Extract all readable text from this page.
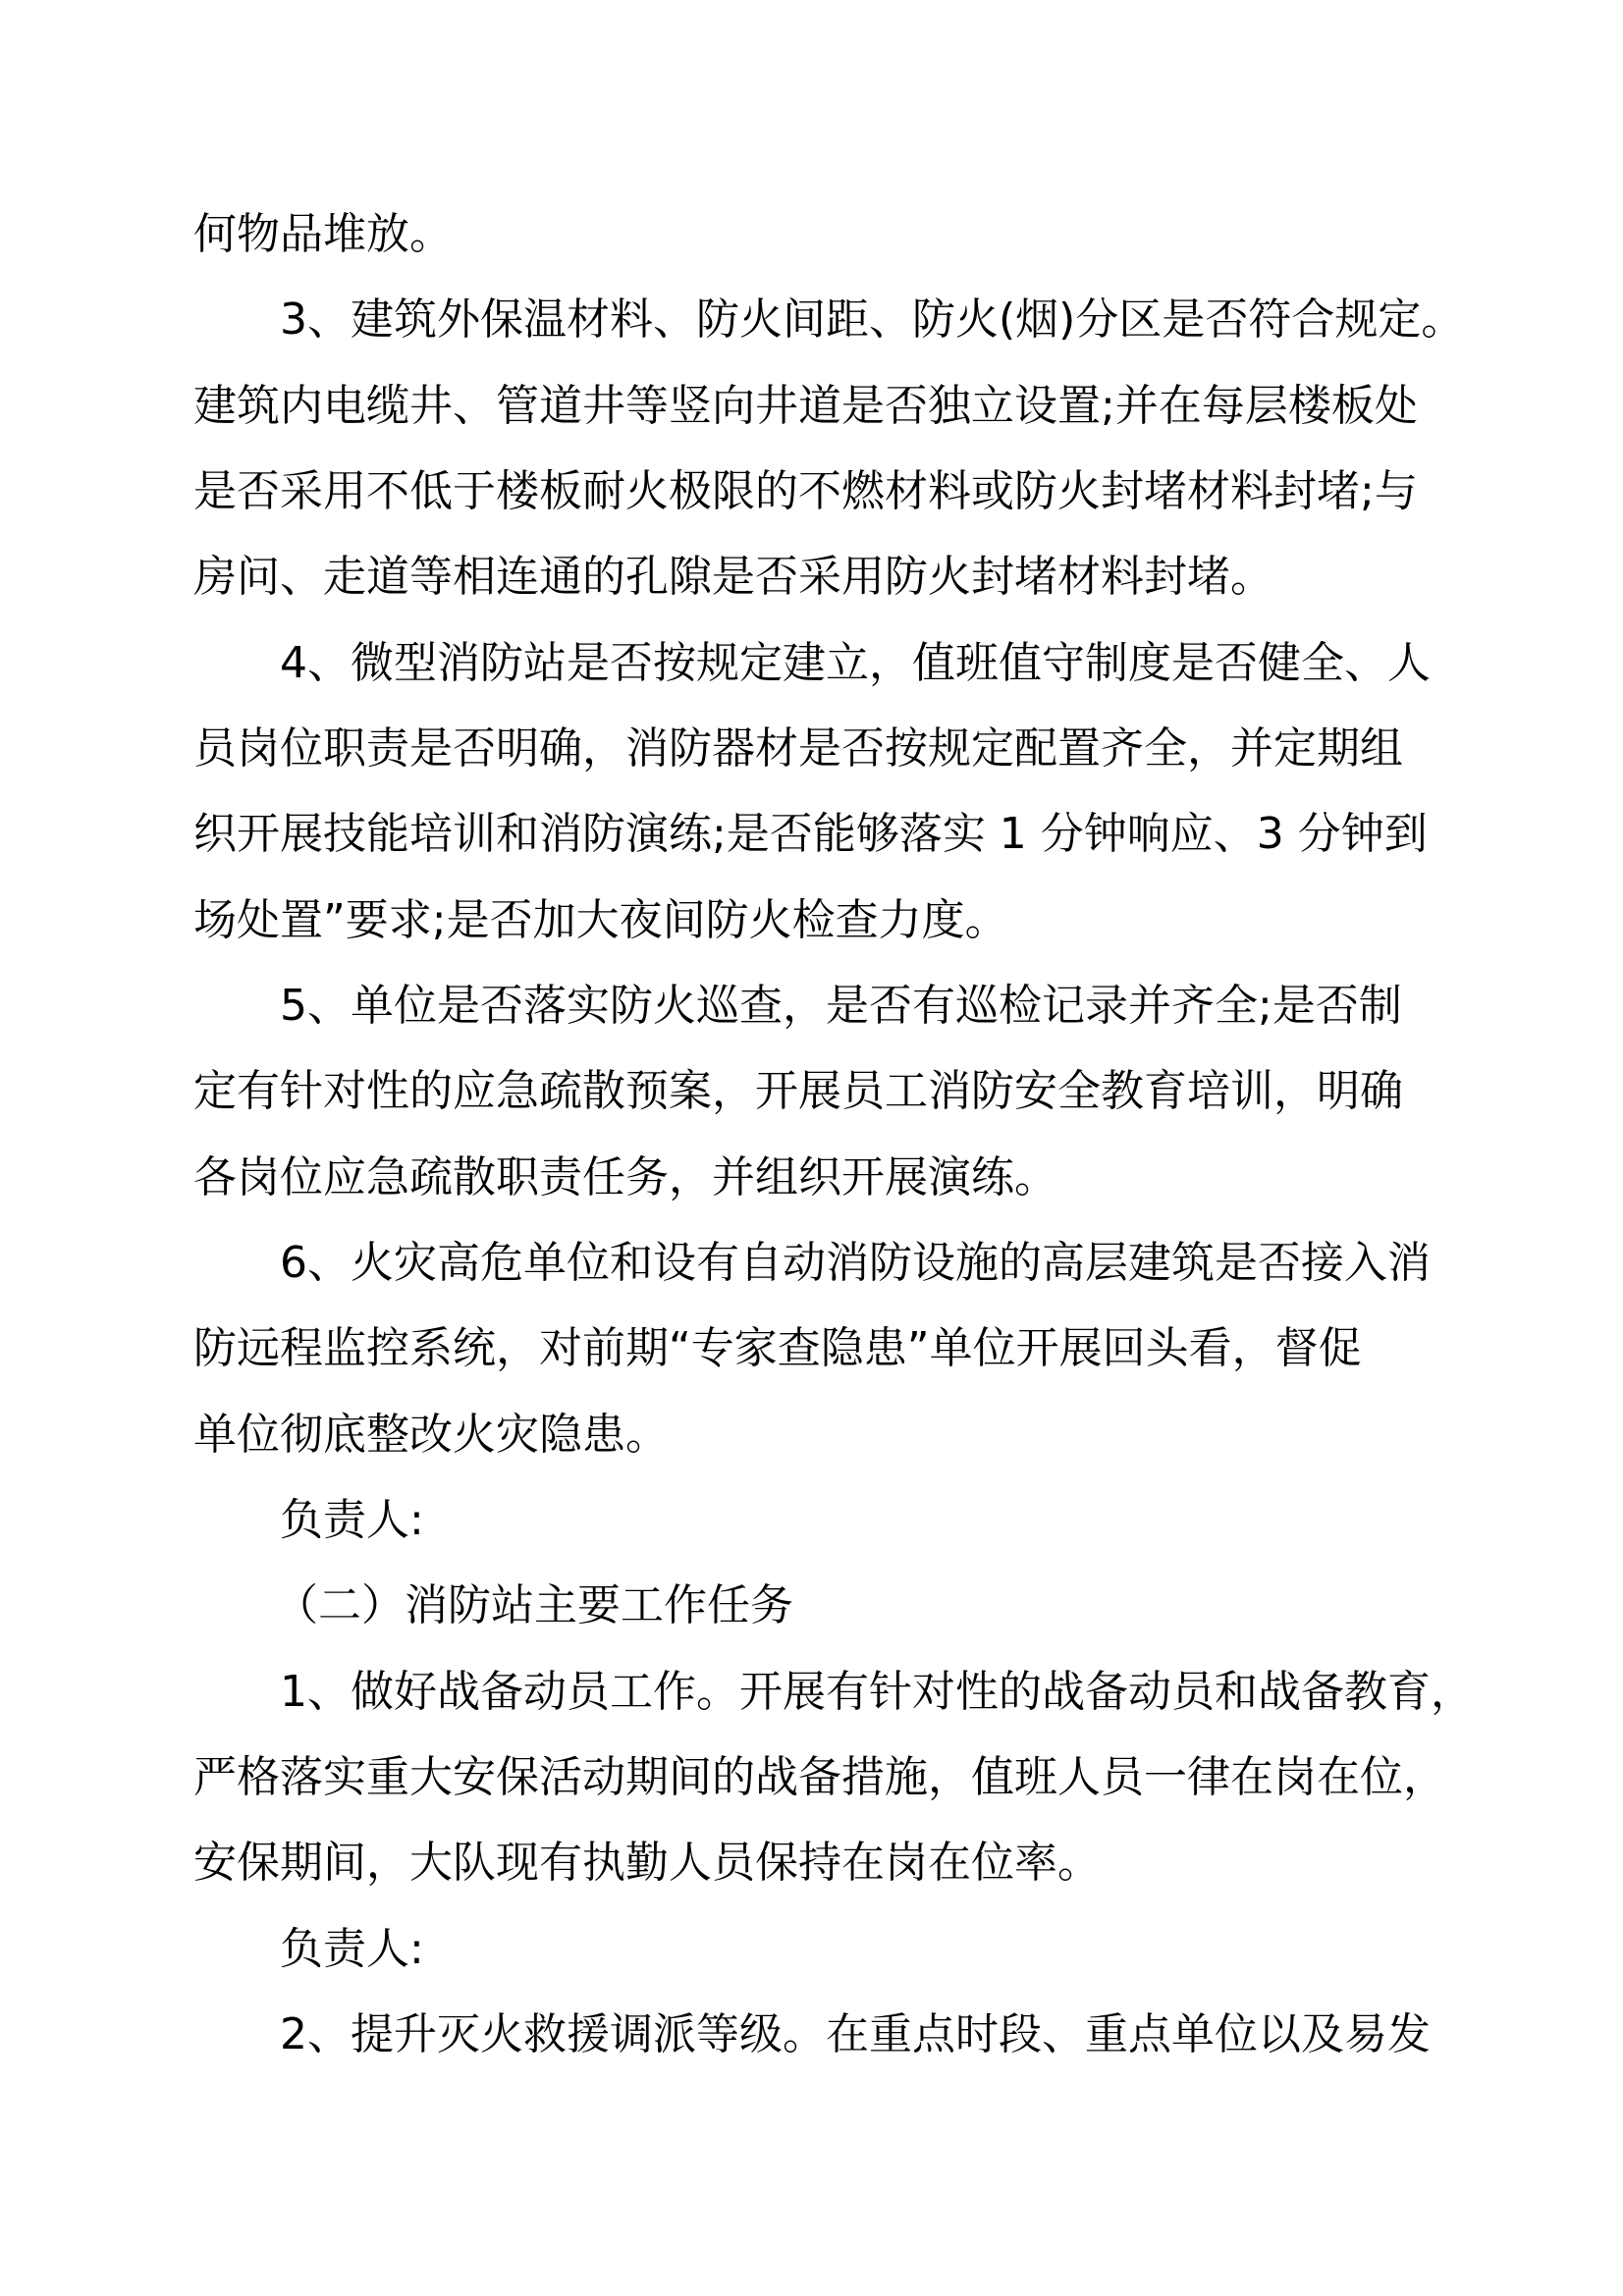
何物品堆放。
3、建筑外保温材料、防火间距、防火(烟)分区是否符合规定。
建筑内电缆井、管道井等竖向井道是否独立设置;并在每层楼板处
是否采用不低于楼板耐火极限的不燃材料或防火封堵材料封堵;与
房问、走道等相连通的孔隙是否采用防火封堵材料封堵。
4、微型消防站是否按规定建立，值班值守制度是否健全、人
员岗位职责是否明确，消防器材是否按规定配置齐全，并定期组
织开展技能培训和消防演练;是否能够落实 1 分钟响应、3 分钟到
场处置”要求;是否加大夜间防火检查力度。
5、单位是否落实防火巡查，是否有巡检记录并齐全;是否制
定有针对性的应急疏散预案，开展员工消防安全教育培训，明确
各岗位应急疏散职责任务，并组织开展演练。
6、火灾高危单位和设有自动消防设施的高层建筑是否接入消
防远程监控系统，对前期“专家查隐患”单位开展回头看，督促
单位彻底整改火灾隐患。
负责人:
（二）消防站主要工作任务
1、做好战备动员工作。开展有针对性的战备动员和战备教育，
严格落实重大安保活动期间的战备措施，值班人员一律在岗在位，
安保期间，大队现有执勤人员保持在岗在位率。
负责人:
2、提升灭火救援调派等级。在重点时段、重点单位以及易发
